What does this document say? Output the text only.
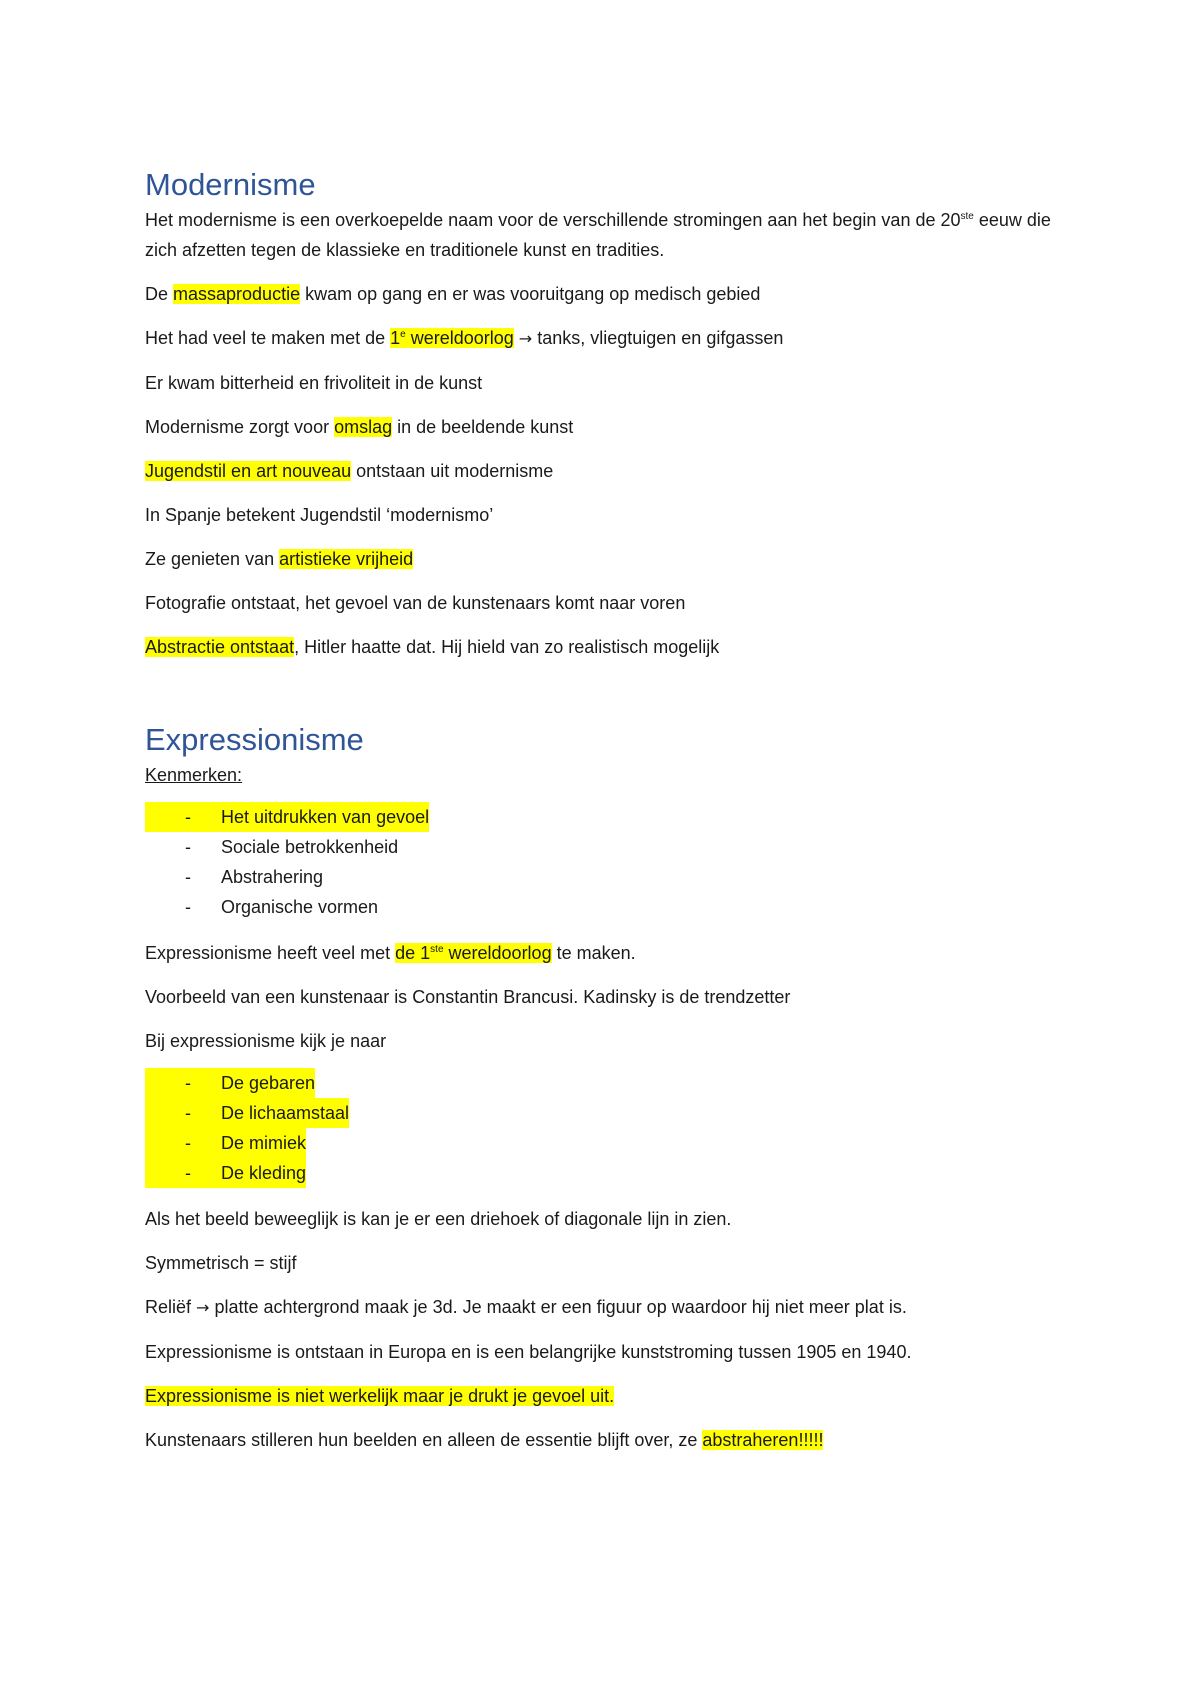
Modernisme

Het modernisme is een overkoepelde naam voor de verschillende stromingen aan het begin van de 20ste eeuw die zich afzetten tegen de klassieke en traditionele kunst en tradities.

De massaproductie kwam op gang en er was vooruitgang op medisch gebied

Het had veel te maken met de 1e wereldoorlog → tanks, vliegtuigen en gifgassen

Er kwam bitterheid en frivoliteit in de kunst

Modernisme zorgt voor omslag in de beeldende kunst

Jugendstil en art nouveau ontstaan uit modernisme

In Spanje betekent Jugendstil ‘modernismo’

Ze genieten van artistieke vrijheid

Fotografie ontstaat, het gevoel van de kunstenaars komt naar voren

Abstractie ontstaat, Hitler haatte dat. Hij hield van zo realistisch mogelijk

Expressionisme

Kenmerken:

- Het uitdrukken van gevoel
- Sociale betrokkenheid
- Abstrahering
- Organische vormen

Expressionisme heeft veel met de 1ste wereldoorlog te maken.

Voorbeeld van een kunstenaar is Constantin Brancusi. Kadinsky is de trendzetter

Bij expressionisme kijk je naar

- De gebaren
- De lichaamstaal
- De mimiek
- De kleding

Als het beeld beweeglijk is kan je er een driehoek of diagonale lijn in zien.

Symmetrisch = stijf

Reliëf → platte achtergrond maak je 3d. Je maakt er een figuur op waardoor hij niet meer plat is.

Expressionisme is ontstaan in Europa en is een belangrijke kunststroming tussen 1905 en 1940.

Expressionisme is niet werkelijk maar je drukt je gevoel uit.

Kunstenaars stilleren hun beelden en alleen de essentie blijft over, ze abstraheren!!!!!
